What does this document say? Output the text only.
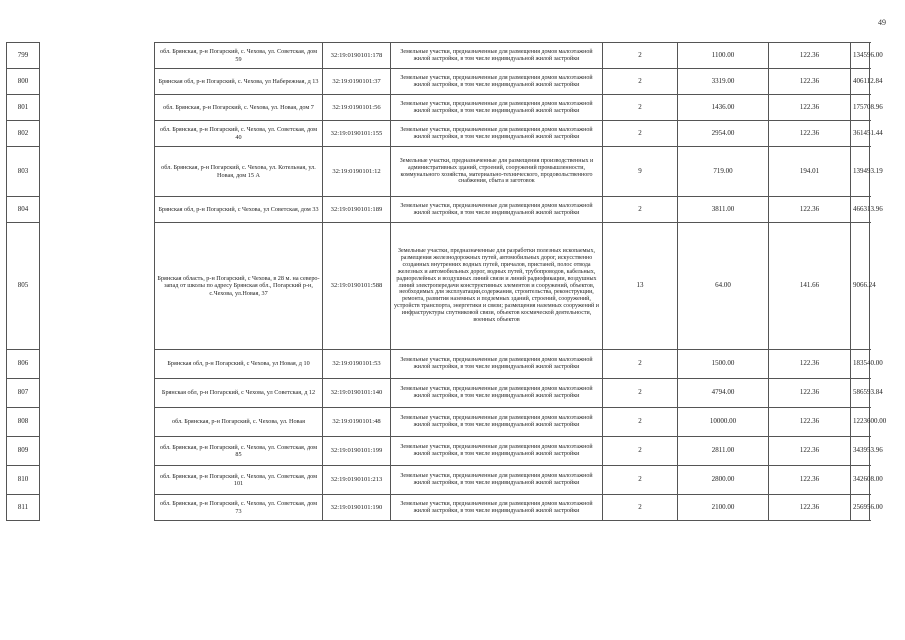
49
799		обл. Брянская, р-н Погарский, с. Чехова, ул. Советская, дом 59	32:19:0190101:178	Земельные участки, предназначенные для размещения домов малоэтажной жилой застройки, в том числе индивидуальной жилой застройки	2	1100.00	122.36	134596.00
800		Брянская обл, р-н Погарский, с. Чехова, ул Набережная, д 13	32:19:0190101:37	Земельные участки, предназначенные для размещения домов малоэтажной жилой застройки, в том числе индивидуальной жилой застройки	2	3319.00	122.36	406112.84
801		обл. Брянская, р-н Погарский, с. Чехова, ул. Новая, дом 7	32:19:0190101:56	Земельные участки, предназначенные для размещения домов малоэтажной жилой застройки, в том числе индивидуальной жилой застройки	2	1436.00	122.36	175708.96
802		обл. Брянская, р-н Погарский, с. Чехова, ул. Советская, дом 40	32:19:0190101:155	Земельные участки, предназначенные для размещения домов малоэтажной жилой застройки, в том числе индивидуальной жилой застройки	2	2954.00	122.36	361451.44
803		обл. Брянская, р-н Погарский, с. Чехова, ул. Котельная, ул. Новая, дом 15 А	32:19:0190101:12	Земельные участки, предназначенные для размещения производственных и административных зданий, строений, сооружений промышленности, коммунального хозяйства, материально-технического, продовольственного снабжения, сбыта и заготовок	9	719.00	194.01	139493.19
804		Брянская обл, р-н Погарский, с Чехова, ул Советская, дом 33	32:19:0190101:189	Земельные участки, предназначенные для размещения домов малоэтажной жилой застройки, в том числе индивидуальной жилой застройки	2	3811.00	122.36	466313.96
805		Брянская область, р-н Погарский, с Чехова, в 28 м. на северо-запад от школы по адресу Брянская обл., Погарский р-н, с.Чехова, ул.Новая, 37	32:19:0190101:588	Земельные участки, предназначенные для разработки полезных ископаемых, размещения железнодорожных путей, автомобильных дорог, искусственно созданных внутренних водных путей, причалов, пристаней, полос отвода железных и автомобильных дорог, водных путей, трубопроводов, кабельных, радиорелейных и воздушных линий связи и линий радиофикации, воздушных линий электропередачи конструктивных элементов и сооружений, объектов, необходимых для эксплуатации,содержания, строительства, реконструкции, ремонта, развития наземных и подземных зданий, строений, сооружений, устройств транспорта, энергетики и связи; размещения наземных сооружений и инфраструктуры спутниковой связи, объектов космической деятельности, военных объектов	13	64.00	141.66	9066.24
806		Брянская обл, р-н Погарский, с Чехова, ул Новая, д 10	32:19:0190101:53	Земельные участки, предназначенные для размещения домов малоэтажной жилой застройки, в том числе индивидуальной жилой застройки	2	1500.00	122.36	183540.00
807		Брянская обл, р-н Погарский, с Чехова, ул Советская, д 12	32:19:0190101:140	Земельные участки, предназначенные для размещения домов малоэтажной жилой застройки, в том числе индивидуальной жилой застройки	2	4794.00	122.36	586593.84
808		обл. Брянская, р-н Погарский, с. Чехова, ул. Новая	32:19:0190101:48	Земельные участки, предназначенные для размещения домов малоэтажной жилой застройки, в том числе индивидуальной жилой застройки	2	10000.00	122.36	1223600.00
809		обл. Брянская, р-н Погарский, с. Чехова, ул. Советская, дом 85	32:19:0190101:199	Земельные участки, предназначенные для размещения домов малоэтажной жилой застройки, в том числе индивидуальной жилой застройки	2	2811.00	122.36	343953.96
810		обл. Брянская, р-н Погарский, с. Чехова, ул. Советская, дом 101	32:19:0190101:213	Земельные участки, предназначенные для размещения домов малоэтажной жилой застройки, в том числе индивидуальной жилой застройки	2	2800.00	122.36	342608.00
811		обл. Брянская, р-н Погарский, с. Чехова, ул. Советская, дом 73	32:19:0190101:190	Земельные участки, предназначенные для размещения домов малоэтажной жилой застройки, в том числе индивидуальной жилой застройки	2	2100.00	122.36	256956.00
